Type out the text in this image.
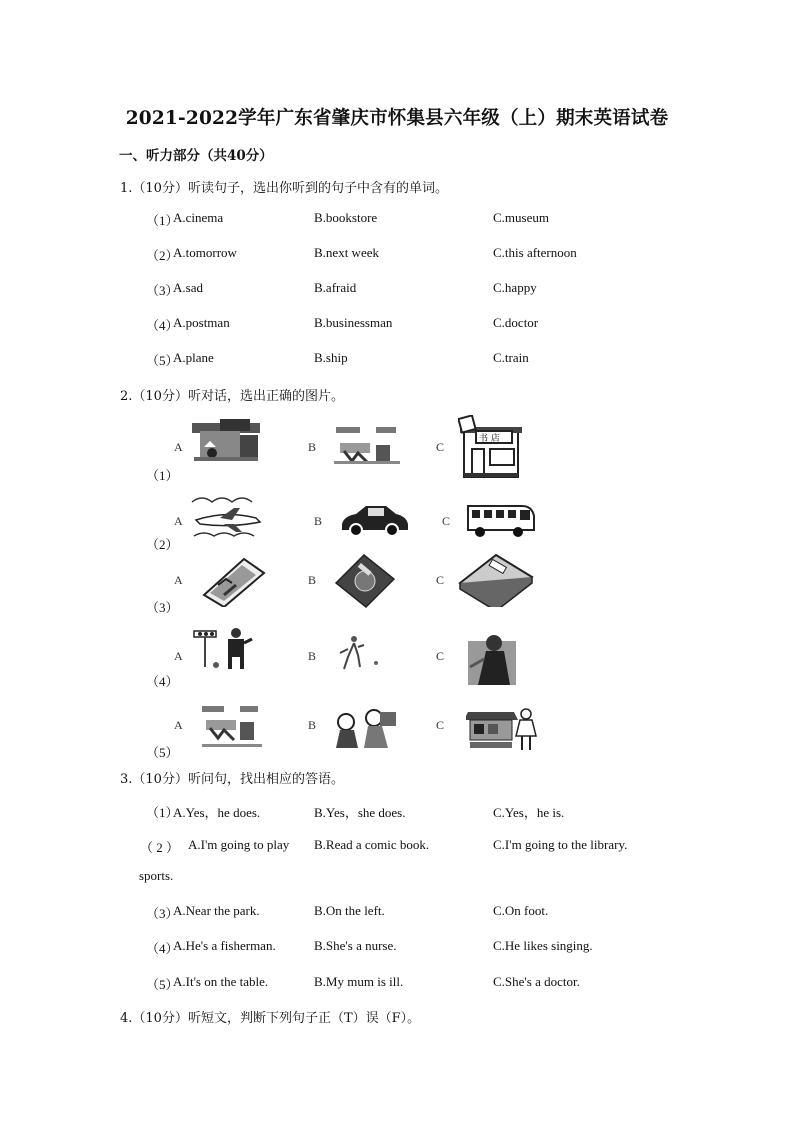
2021-2022学年广东省肇庆市怀集县六年级（上）期末英语试卷
一、听力部分（共40分）
1.（10分）听读句子，选出你听到的句子中含有的单词。
（1）
A.cinema	B.bookstore	C.museum
（2）
A.tomorrow	B.next week	C.this afternoon
（3）
A.sad	B.afraid	C.happy
（4）
A.postman	B.businessman	C.doctor
（5）
A.plane	B.ship	C.train
2.（10分）听对话，选出正确的图片。
（1）
A	B	C
书 店
（2）
A	B	C
（3）
A	B	C
（4）
A	B	C
（5）
A	B	C
3.（10分）听问句，找出相应的答语。
（1）
A.Yes，he does.	B.Yes，she does.	C.Yes，he is.
（ 2 ） A.I'm going to play B.Read a comic book.	C.I'm going to the library.
sports.
（3）
A.Near the park.	B.On the left.	C.On foot.
（4）
A.He's a fisherman.	B.She's a nurse.	C.He likes singing.
（5）
A.It's on the table.	B.My mum is ill.	C.She's a doctor.
4.（10分）听短文，判断下列句子正（T）误（F）。
